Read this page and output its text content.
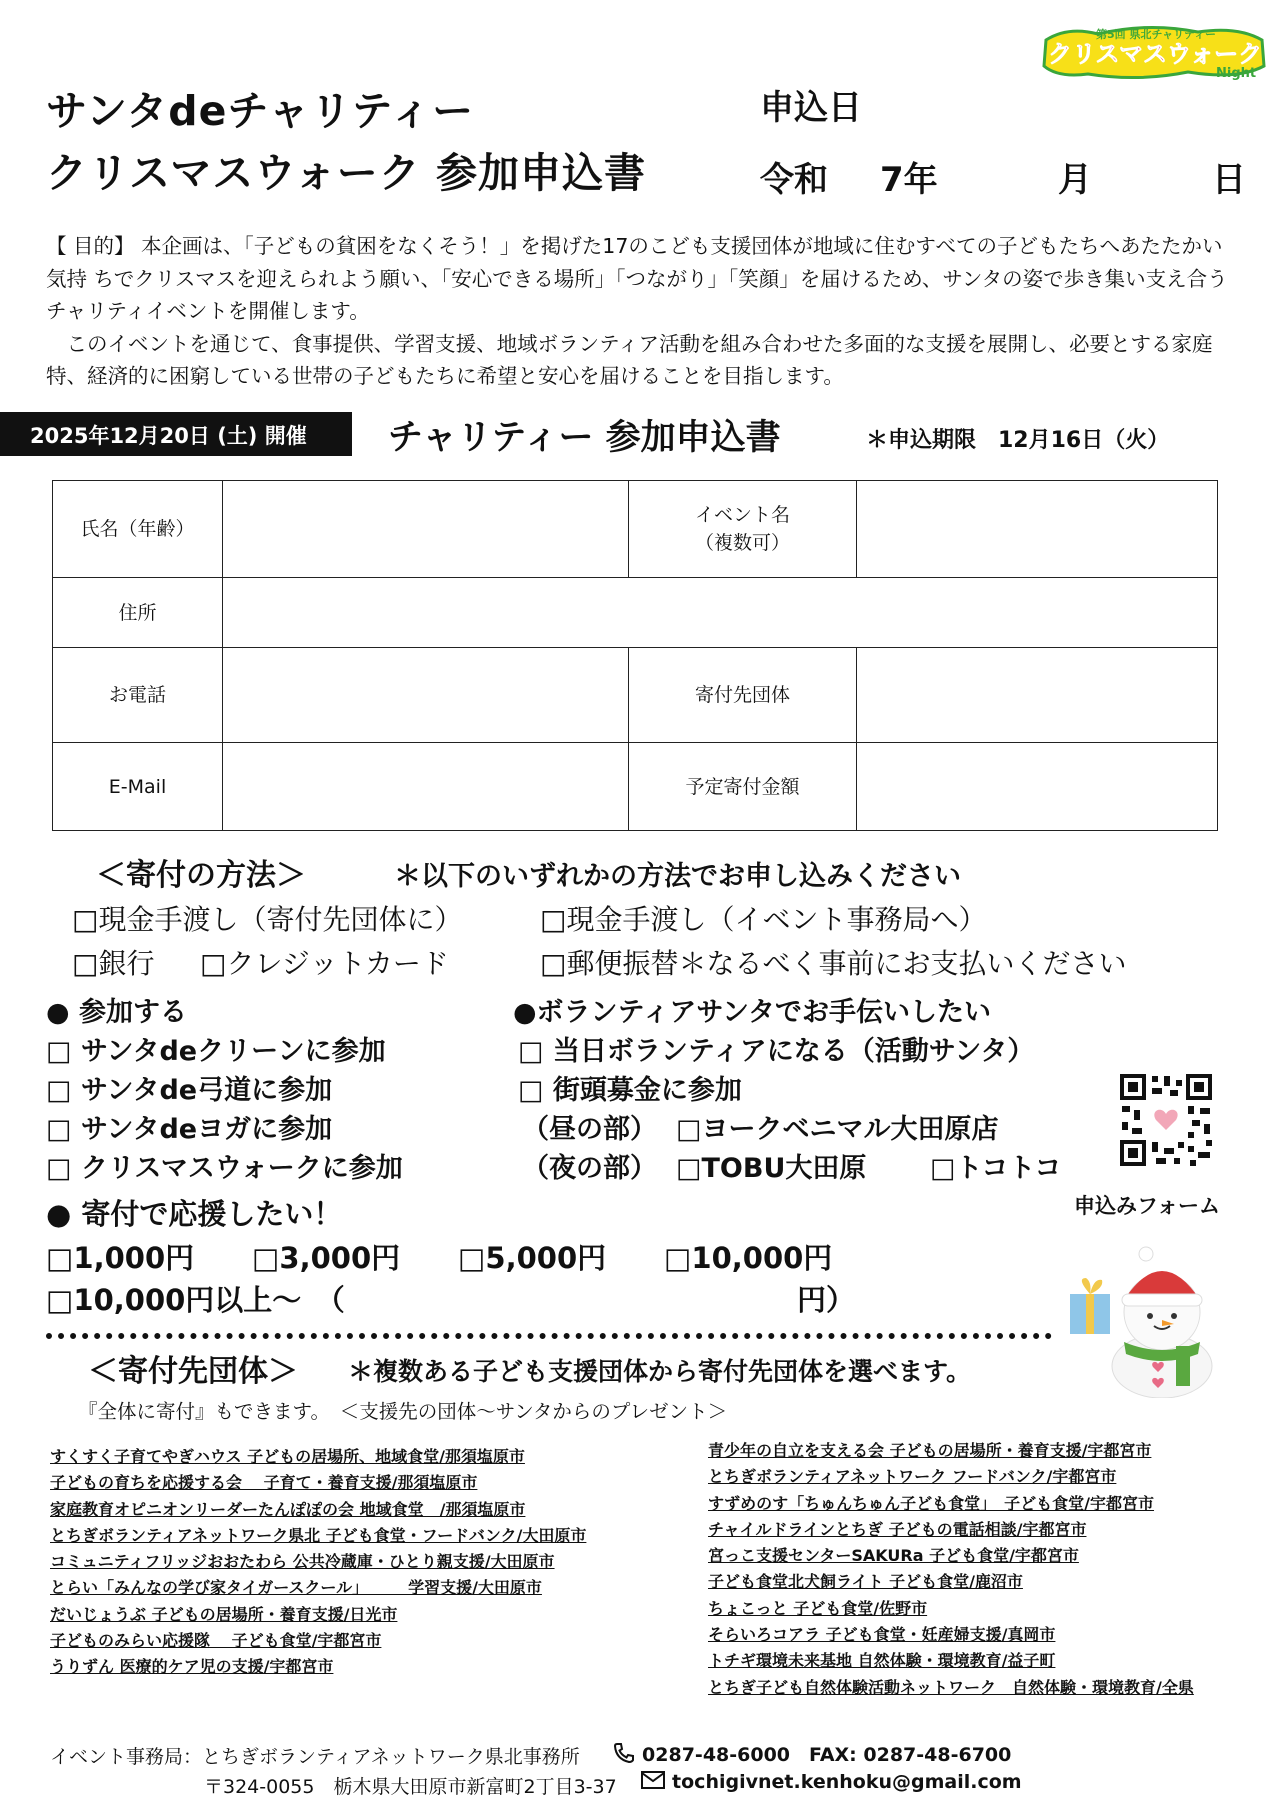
第5回 県北チャリティー
クリスマスウォーク
Night
サンタdeチャリティー
クリスマスウォーク 参加申込書
申込日
令和 7年	月	日

【 目的】 本企画は、「子どもの貧困をなくそう！」を掲げた17のこども支援団体が地域に住むすべての子どもたちへあたたかい気持 ちでクリスマスを迎えられよう願い、「安心できる場所」「つながり」「笑顔」を届けるため、サンタの姿で歩き集い支え合うチャリティイベントを開催します。

　このイベントを通じて、食事提供、学習支援、地域ボランティア活動を組み合わせた多面的な支援を展開し、必要とする家庭特、経済的に困窮している世帯の子どもたちに希望と安心を届けることを目指します。

2025年12月20日 (土) 開催 チャリティー 参加申込書	＊申込期限　12月16日（火）
氏名（年齢）		イベント名
（複数可）	

住所			
お電話		寄付先団体	
E-Mail		予定寄付金額	
＜寄付の方法＞	＊以下のいずれかの方法でお申し込みください
□現金手渡し（寄付先団体に）	□現金手渡し（イベント事務局へ）
□銀行 □クレジットカード	□郵便振替＊なるべく事前にお支払いください
● 参加する
□ サンタdeクリーンに参加
□ サンタde弓道に参加
□ サンタdeヨガに参加
□ クリスマスウォークに参加
●ボランティアサンタでお手伝いしたい
□ 当日ボランティアになる（活動サンタ）
□ 街頭募金に参加
（昼の部） □ヨークベニマル大田原店
（夜の部） □TOBU大田原 □トコトコ
申込みフォーム
● 寄付で応援したい！
□1,000円 □3,000円 □5,000円 □10,000円
□10,000円以上～　（	円）
＜寄付先団体＞ ＊複数ある子ども支援団体から寄付先団体を選べます。
『全体に寄付』もできます。　＜支援先の団体～サンタからのプレゼント＞
すくすく子育てやぎハウス 子どもの居場所、地域食堂/那須塩原市
子どもの育ちを応援する会　 子育て・養育支援/那須塩原市
家庭教育オピニオンリーダーたんぽぽの会 地域食堂　/那須塩原市
とちぎボランティアネットワーク県北 子ども食堂・フードバンク/大田原市
コミュニティフリッジおおたわら 公共冷蔵庫・ひとり親支援/大田原市
とらい「みんなの学び家タイガースクール」　　　学習支援/大田原市
だいじょうぶ 子どもの居場所・養育支援/日光市
子どものみらい応援隊　 子ども食堂/宇都宮市
うりずん 医療的ケア児の支援/宇都宮市
青少年の自立を支える会 子どもの居場所・養育支援/宇都宮市
とちぎボランティアネットワーク フードバンク/宇都宮市
すずめのす「ちゅんちゅん子ども食堂」　子ども食堂/宇都宮市
チャイルドラインとちぎ 子どもの電話相談/宇都宮市
宮っこ支援センターSAKURa 子ども食堂/宇都宮市
子ども食堂北犬飼ライト 子ども食堂/鹿沼市
ちょこっと 子ども食堂/佐野市
そらいろコアラ 子ども食堂・妊産婦支援/真岡市
トチギ環境未来基地 自然体験・環境教育/益子町
とちぎ子ども自然体験活動ネットワーク　自然体験・環境教育/全県
イベント事務局：とちぎボランティアネットワーク県北事務所	0287-48-6000　FAX: 0287-48-6700
〒324-0055　栃木県大田原市新富町2丁目3-37	tochigivnet.kenhoku@gmail.com
